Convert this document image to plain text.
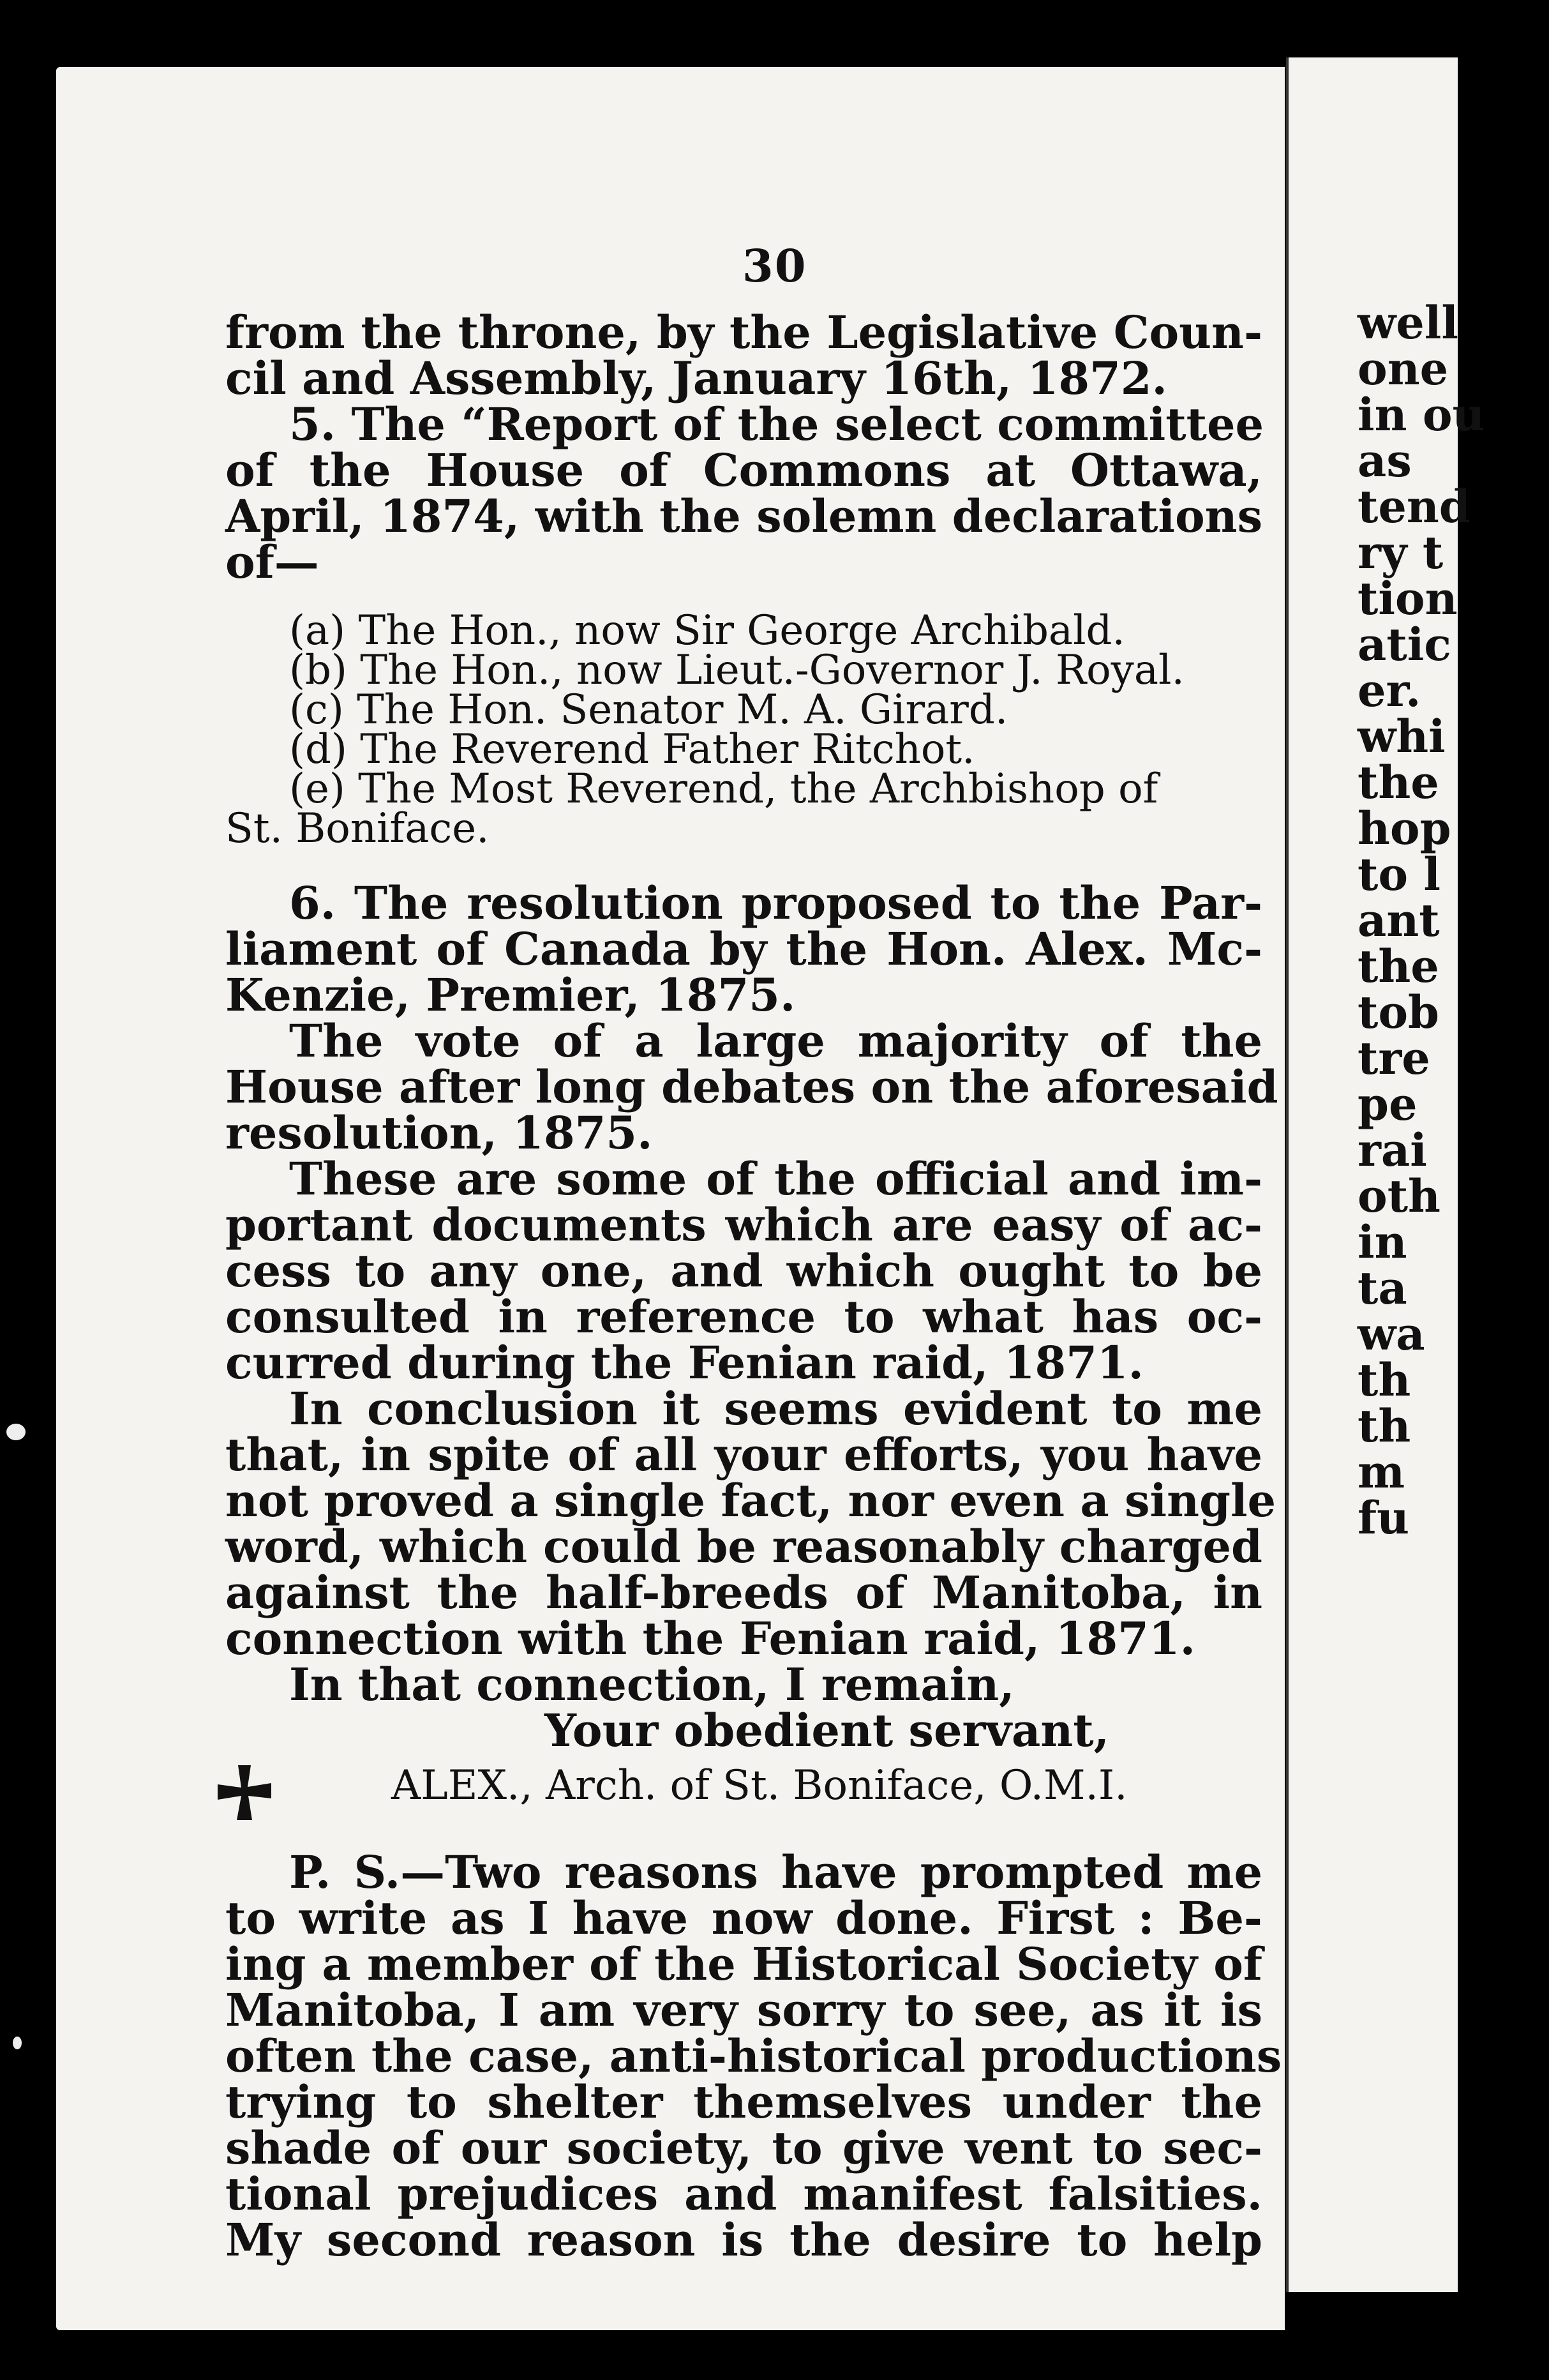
30
from the throne, by the Legislative Coun-
cil and Assembly, January 16th, 1872.
5. The “Report of the select committee
of the House of Commons at Ottawa,
April, 1874, with the solemn declarations
of—
(a) The Hon., now Sir George Archibald.
(b) The Hon., now Lieut.-Governor J. Royal.
(c) The Hon. Senator M. A. Girard.
(d) The Reverend Father Ritchot.
(e) The Most Reverend, the Archbishop of
St. Boniface.
6. The resolution proposed to the Par-
liament of Canada by the Hon. Alex. Mc-
Kenzie, Premier, 1875.
The vote of a large majority of the
House after long debates on the aforesaid
resolution, 1875.
These are some of the official and im-
portant documents which are easy of ac-
cess to any one, and which ought to be
consulted in reference to what has oc-
curred during the Fenian raid, 1871.
In conclusion it seems evident to me
that, in spite of all your efforts, you have
not proved a single fact, nor even a single
word, which could be reasonably charged
against the half-breeds of Manitoba, in
connection with the Fenian raid, 1871.
In that connection, I remain,
Your obedient servant,
ALEX., Arch. of St. Boniface, O.M.I.
P. S.—Two reasons have prompted me
to write as I have now done. First : Be-
ing a member of the Historical Society of
Manitoba, I am very sorry to see, as it is
often the case, anti-historical productions
trying to shelter themselves under the
shade of our society, to give vent to sec-
tional prejudices and manifest falsities.
My second reason is the desire to help
well
one
in ou
as
tend
ry t
tion
atic
er.
whi
the
hop
to l
ant
the
tob
tre
pe
rai
oth
in
ta
wa
th
th
m
fu
